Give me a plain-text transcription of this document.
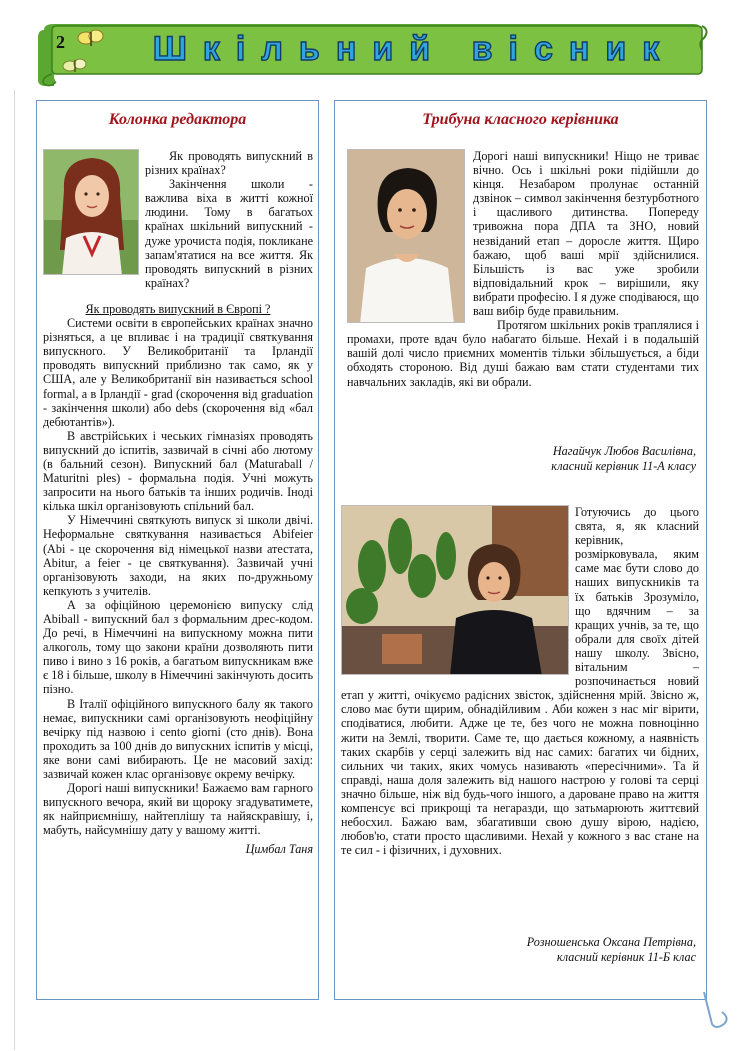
2	Шкільний вісник
Колонка редактора

Як проводять випускний в різних країнах?

Закінчення школи - важлива віха в житті кожної людини. Тому в багатьох країнах шкільний випускний - дуже урочиста подія, покликане запам'ятатися на все життя. Як проводять випускний в різних країнах?

Як проводять випускний в Європі ?

Системи освіти в європейських країнах значно різняться, а це впливає і на традиції святкування випускного. У Великобританії та Ірландії проводять випускний приблизно так само, як у США, але у Великобританії він називається school formal, а в Ірландії - grad (скорочення від graduation - закінчення школи) або debs (скорочення від «бал дебютантів»).

В австрійських і чеських гімназіях проводять випускний до іспитів, зазвичай в січні або лютому (в бальний сезон). Випускний бал (Maturaball / Maturitni ples) - формальна подія. Учні можуть запросити на нього батьків та інших родичів. Іноді кілька шкіл організовують спільний бал.

У Німеччині святкують випуск зі школи двічі. Неформальне святкування називається Abifeier (Abi - це скорочення від німецької назви атестата, Abitur, а feier - це святкування). Зазвичай учні організовують заходи, на яких по-дружньому кепкують з учителів.

А за офіційною церемонією випуску слід Abiball - випускний бал з формальним дрес-кодом. До речі, в Німеччині на випускному можна пити алкоголь, тому що закони країни дозволяють пити пиво і вино з 16 років, а багатьом випускникам вже є 18 і більше, школу в Німеччині закінчують досить пізно.

В Італії офіційного випускного балу як такого немає, випускники самі організовують неофіційну вечірку під назвою i cento giorni (сто днів). Вона проходить за 100 днів до випускних іспитів у місці, яке вони самі вибирають. Це не масовий захід: зазвичай кожен клас організовує окрему вечірку.

Дорогі наші випускники! Бажаємо вам гарного випускного вечора, який ви щороку згадуватимете, як найприємнішу, найтеплішу та найяскравішу, і, мабуть, найсумнішу дату у вашому житті.

Цимбал Таня

Трибуна класного керівника

Дорогі наші випускники! Ніщо не триває вічно. Ось і шкільні роки підійшли до кінця. Незабаром пролунає останній дзвінок – символ закінчення безтурботного і щасливого дитинства. Попереду тривожна пора ДПА та ЗНО, новий незвіданий етап – доросле життя. Щиро бажаю, щоб ваші мрії здійснилися. Більшість із вас уже зробили відповідальний крок – вирішили, яку вибрати професію. І я дуже сподіваюся, що ваш вибір буде правильним.

Протягом шкільних років траплялися і промахи, проте вдач було набагато більше. Нехай і в подальшій вашій долі число приємних моментів тільки збільшується, а біди обходять стороною. Від душі бажаю вам стати студентами тих навчальних закладів, які ви обрали.

Нагайчук Любов Василівна,
класний керівник 11-А класу

Готуючись до цього свята, я, як класний керівник, розмірковувала, яким саме має бути слово до наших випускників та їх батьків Зрозуміло, що вдячним – за кращих учнів, за те, що обрали для своїх дітей нашу школу. Звісно, вітальним – розпочинається новий етап у житті, очікуємо радісних звісток, здійснення мрій. Звісно ж, слово має бути щирим, обнадійливим . Аби кожен з нас міг вірити, сподіватися, любити. Адже це те, без чого не можна повноцінно жити на Землі, творити. Саме те, що дається кожному, а наявність таких скарбів у серці залежить від нас самих: багатих чи бідних, сильних чи таких, яких чомусь називають «пересічними». Та й справді, наша доля залежить від нашого настрою у голові та серці значно більше, ніж від будь-чого іншого, а дароване право на життя компенсує всі прикрощі та негаразди, що затьмарюють життєвий небосхил. Бажаю вам, збагативши свою душу вірою, надією, любов'ю, стати просто щасливими. Нехай у кожного з вас стане на те сил - і фізичних, і духовних.

Розношенська Оксана Петрівна,
класний керівник 11-Б клас
